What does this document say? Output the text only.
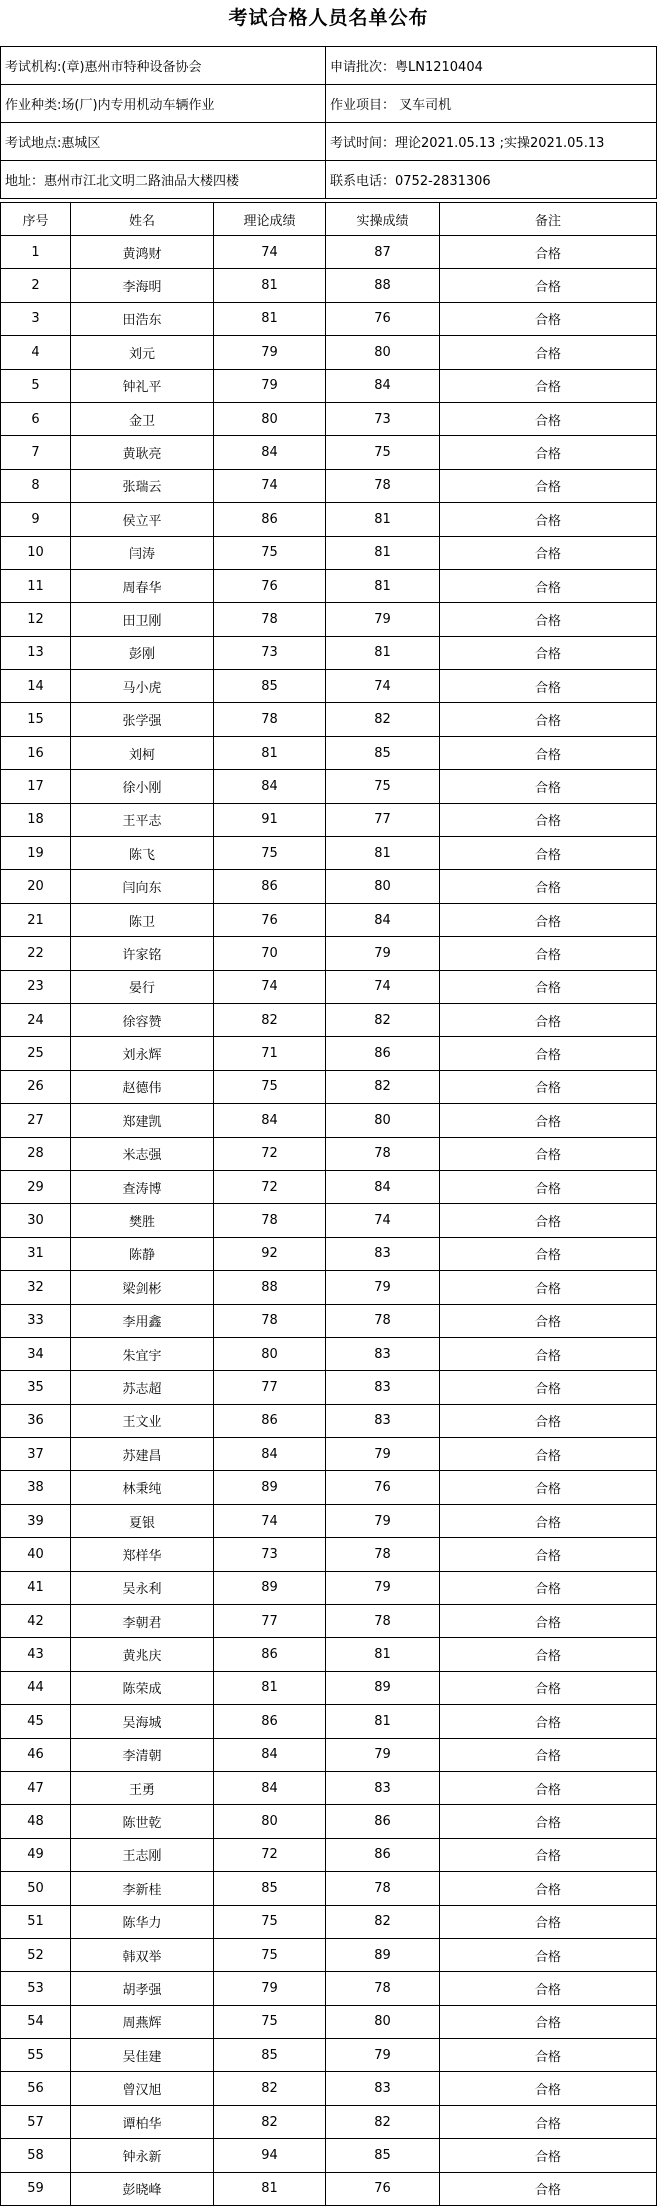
考试合格人员名单公布
考试机构:(章)惠州市特种设备协会	申请批次：粤LN1210404
作业种类:场(厂)内专用机动车辆作业	作业项目： 叉车司机
考试地点:惠城区	考试时间：理论2021.05.13 ;实操2021.05.13
地址：惠州市江北文明二路油品大楼四楼	联系电话：0752-2831306
序号	姓名	理论成绩	实操成绩	备注
1	黄鸿财	74	87	合格
2	李海明	81	88	合格
3	田浩东	81	76	合格
4	刘元	79	80	合格
5	钟礼平	79	84	合格
6	金卫	80	73	合格
7	黄耿亮	84	75	合格
8	张瑞云	74	78	合格
9	侯立平	86	81	合格
10	闫涛	75	81	合格
11	周春华	76	81	合格
12	田卫刚	78	79	合格
13	彭刚	73	81	合格
14	马小虎	85	74	合格
15	张学强	78	82	合格
16	刘柯	81	85	合格
17	徐小刚	84	75	合格
18	王平志	91	77	合格
19	陈飞	75	81	合格
20	闫向东	86	80	合格
21	陈卫	76	84	合格
22	许家铭	70	79	合格
23	晏行	74	74	合格
24	徐容赞	82	82	合格
25	刘永辉	71	86	合格
26	赵德伟	75	82	合格
27	郑建凯	84	80	合格
28	米志强	72	78	合格
29	查涛博	72	84	合格
30	樊胜	78	74	合格
31	陈静	92	83	合格
32	梁剑彬	88	79	合格
33	李用鑫	78	78	合格
34	朱宜宇	80	83	合格
35	苏志超	77	83	合格
36	王文业	86	83	合格
37	苏建昌	84	79	合格
38	林秉纯	89	76	合格
39	夏银	74	79	合格
40	郑样华	73	78	合格
41	吴永利	89	79	合格
42	李朝君	77	78	合格
43	黄兆庆	86	81	合格
44	陈荣成	81	89	合格
45	吴海城	86	81	合格
46	李清朝	84	79	合格
47	王勇	84	83	合格
48	陈世乾	80	86	合格
49	王志刚	72	86	合格
50	李新桂	85	78	合格
51	陈华力	75	82	合格
52	韩双举	75	89	合格
53	胡孝强	79	78	合格
54	周燕辉	75	80	合格
55	吴佳建	85	79	合格
56	曾汉旭	82	83	合格
57	谭柏华	82	82	合格
58	钟永新	94	85	合格
59	彭晓峰	81	76	合格
